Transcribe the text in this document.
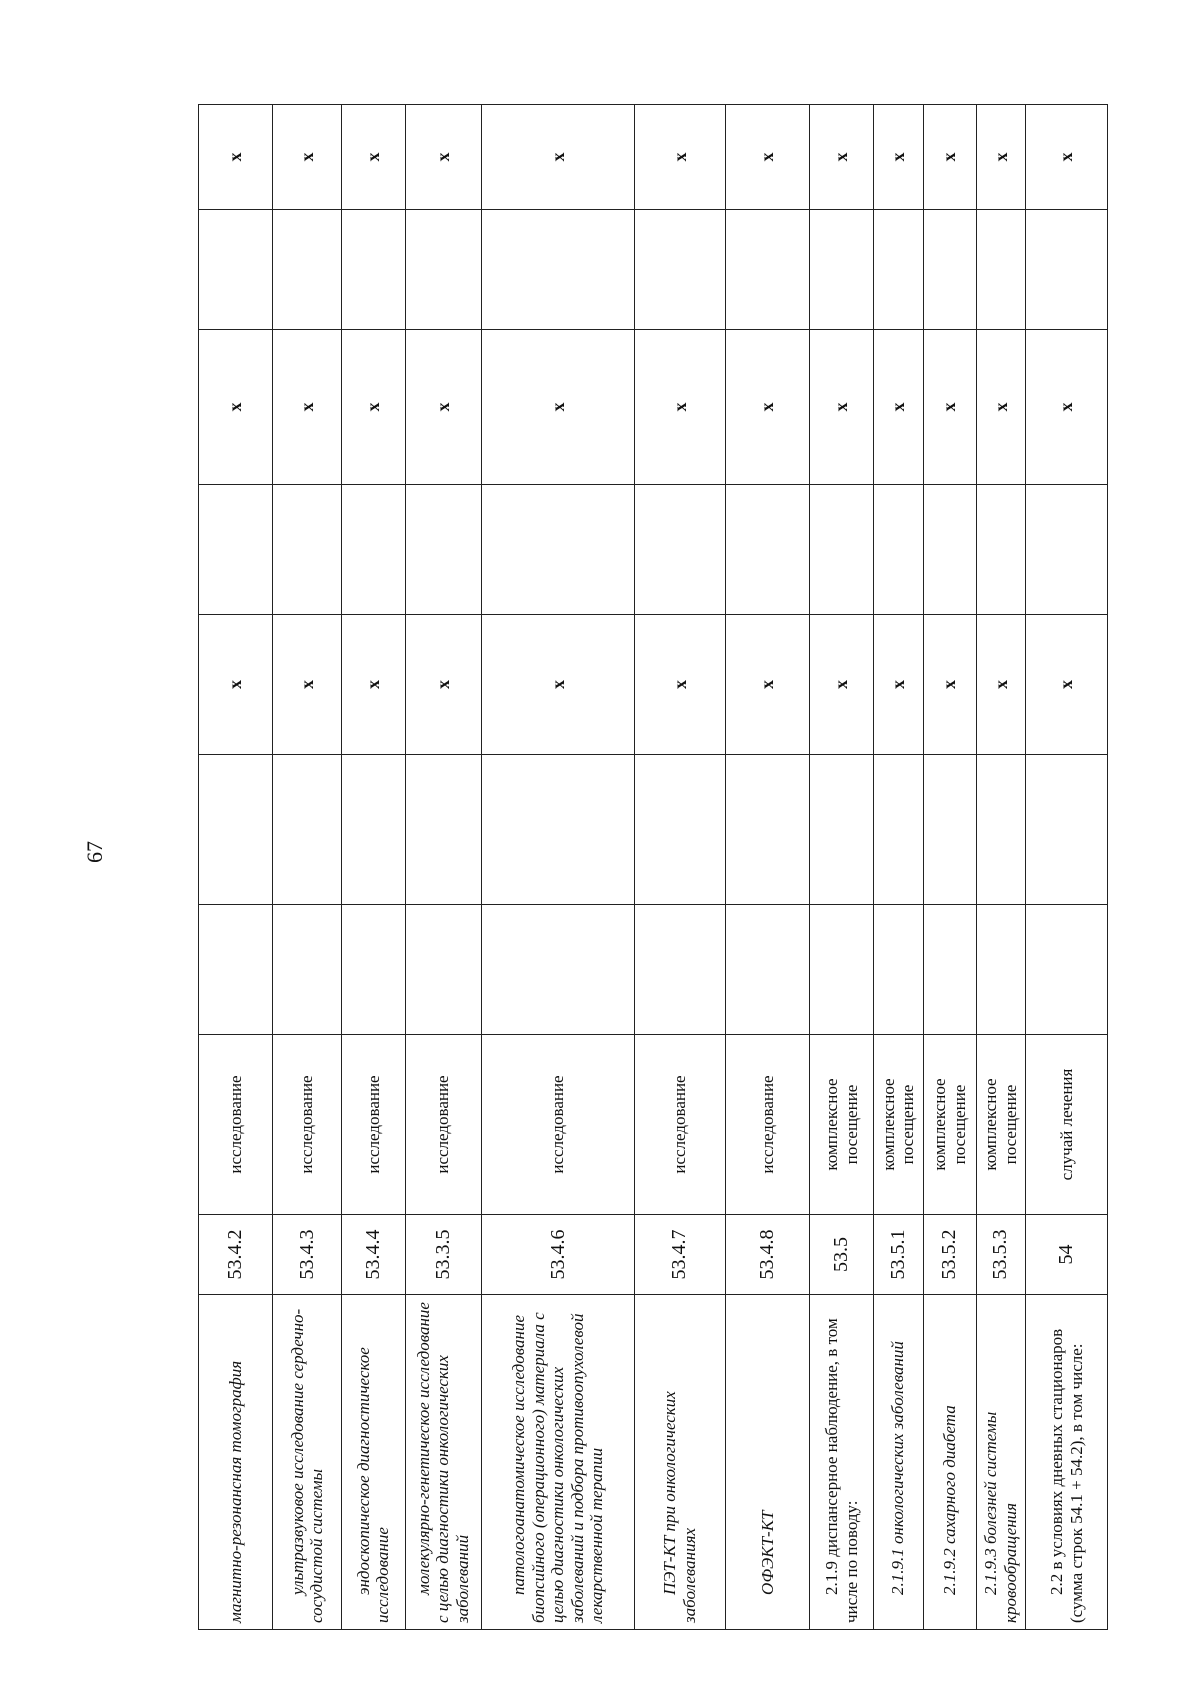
67
магнитно-резонансная томография	53.4.2	исследование			x		x		x
ультразвуковое исследование сердечно-сосудистой системы	53.4.3	исследование			x		x		x
эндоскопическое диагностическое исследование	53.4.4	исследование			x		x		x
молекулярно-генетическое исследование с целью диагностики онкологических заболеваний	53.3.5	исследование			x		x		x
патологоанатомическое исследование биопсийного (операционного) материала с целью диагностики онкологических заболеваний и подбора противоопухолевой лекарственной терапии	53.4.6	исследование			x		x		x
ПЭТ-КТ при онкологических заболеваниях	53.4.7	исследование			x		x		x
ОФЭКТ-КТ	53.4.8	исследование			x		x		x
2.1.9 диспансерное наблюдение, в том числе по поводу:	53.5	комплексное посещение			x		x		x
2.1.9.1 онкологических заболеваний	53.5.1	комплексное посещение			x		x		x
2.1.9.2 сахарного диабета	53.5.2	комплексное посещение			x		x		x
2.1.9.3 болезней системы кровообращения	53.5.3	комплексное посещение			x		x		x
2.2 в условиях дневных стационаров (сумма строк 54.1 + 54.2), в том числе:	54	случай лечения			x		x		x
